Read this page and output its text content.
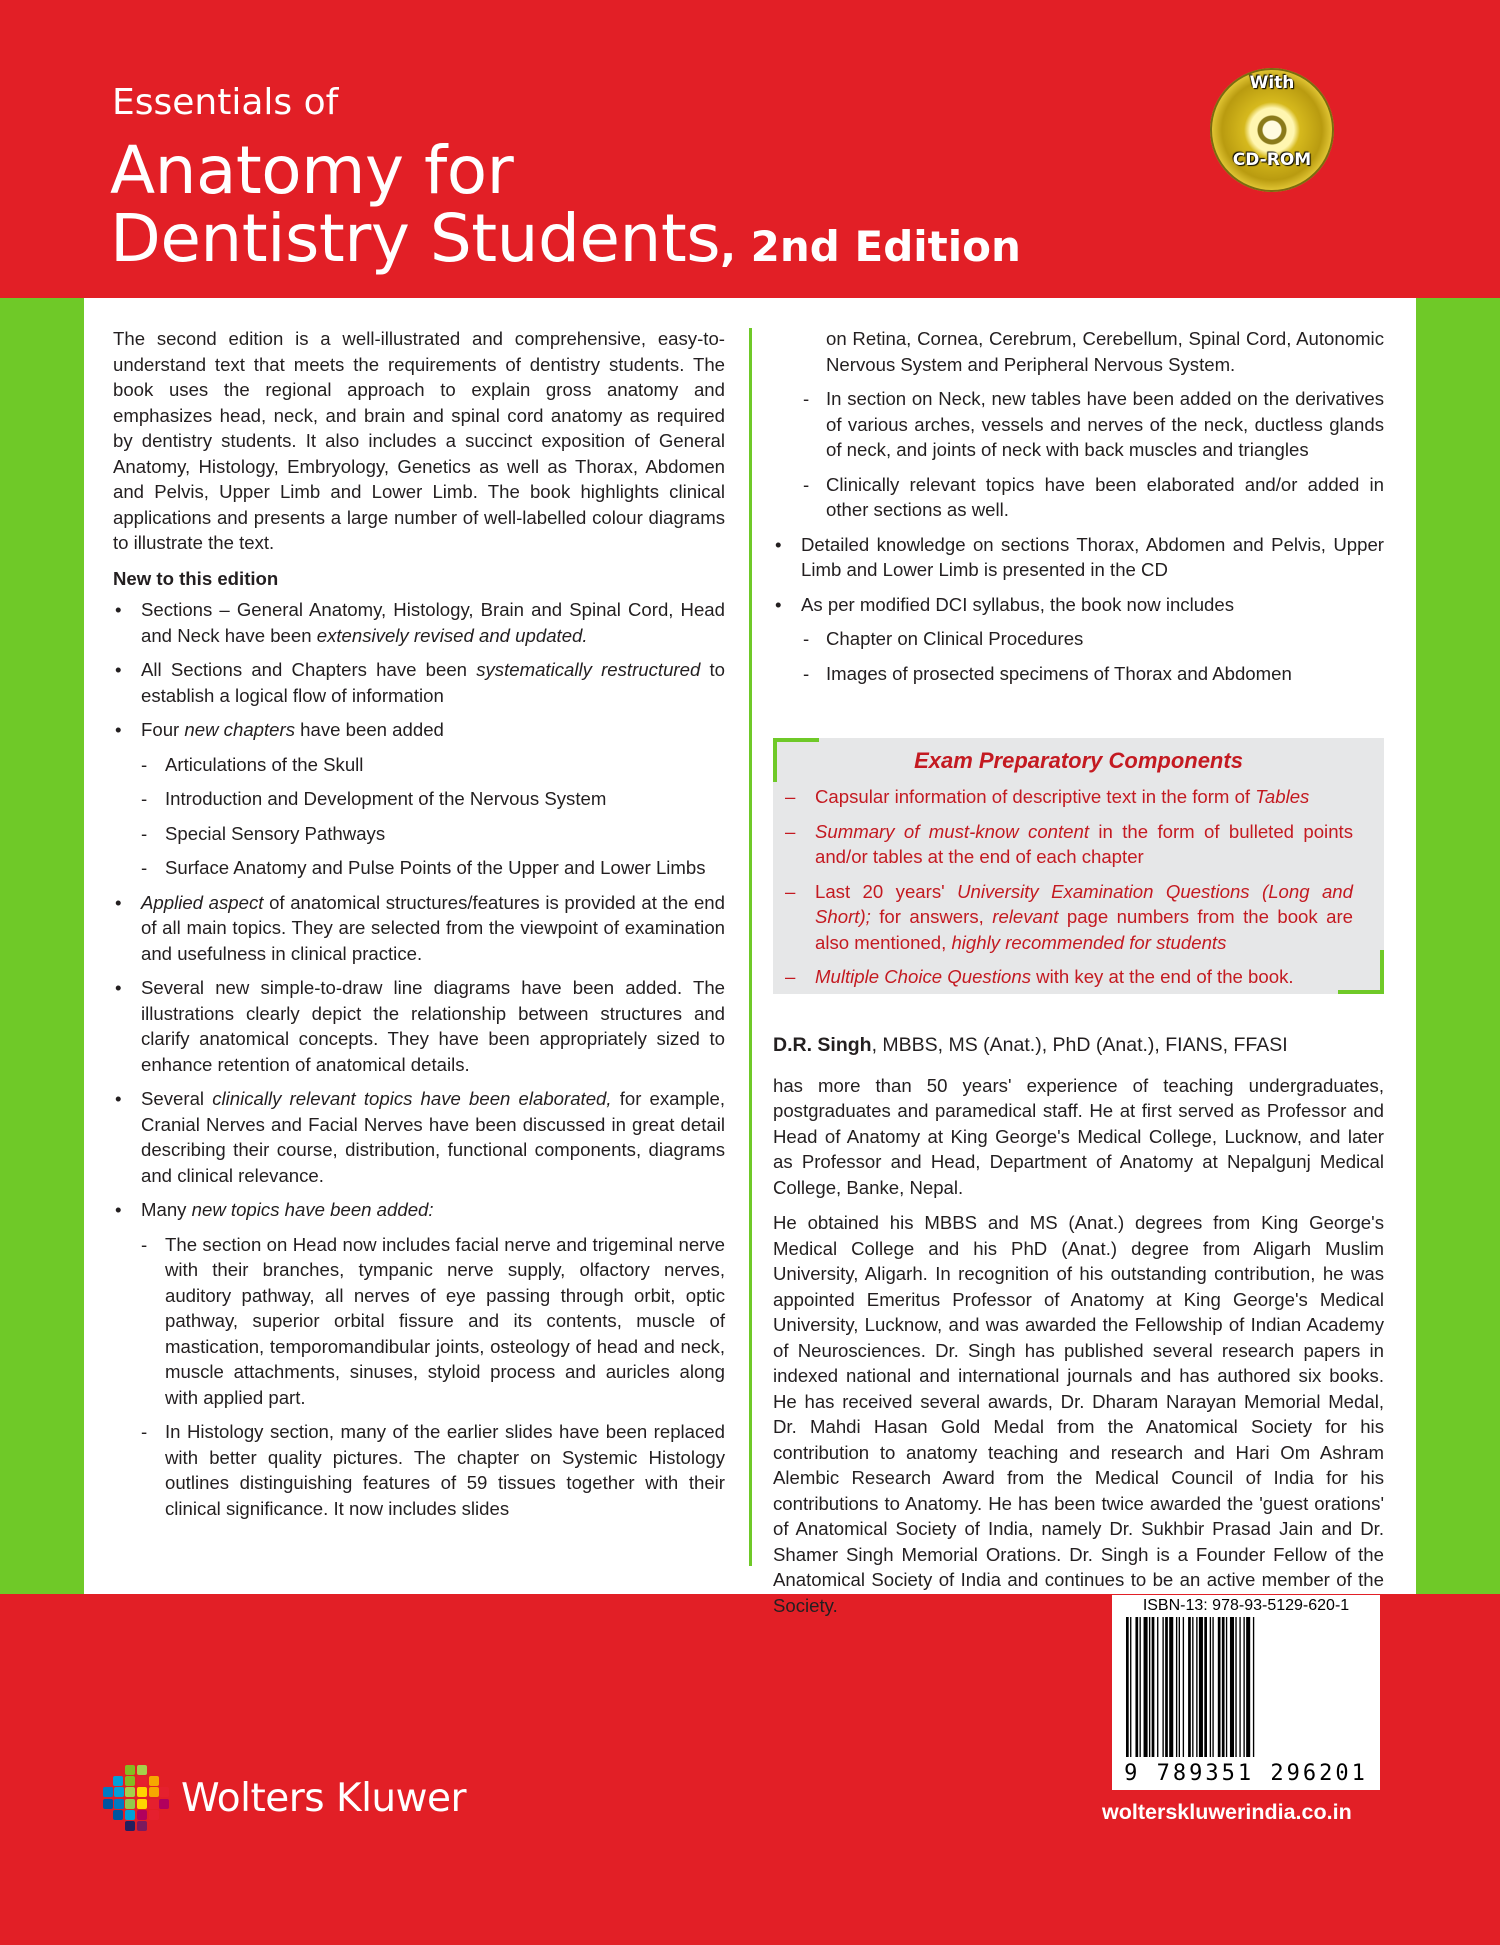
Essentials of
Anatomy for
Dentistry Students, 2nd Edition
With
CD-ROM

The second edition is a well-illustrated and comprehensive, easy-to-understand text that meets the requirements of dentistry students. The book uses the regional approach to explain gross anatomy and emphasizes head, neck, and brain and spinal cord anatomy as required by dentistry students. It also includes a succinct exposition of General Anatomy, Histology, Embryology, Genetics as well as Thorax, Abdomen and Pelvis, Upper Limb and Lower Limb. The book highlights clinical applications and presents a large number of well-labelled colour diagrams to illustrate the text.

New to this edition
• Sections – General Anatomy, Histology, Brain and Spinal Cord, Head and Neck have been extensively revised and updated.
• All Sections and Chapters have been systematically restructured to establish a logical flow of information
• Four new chapters have been added
- Articulations of the Skull
- Introduction and Development of the Nervous System
- Special Sensory Pathways
- Surface Anatomy and Pulse Points of the Upper and Lower Limbs
• Applied aspect of anatomical structures/features is provided at the end of all main topics. They are selected from the viewpoint of examination and usefulness in clinical practice.
• Several new simple-to-draw line diagrams have been added. The illustrations clearly depict the relationship between structures and clarify anatomical concepts. They have been appropriately sized to enhance retention of anatomical details.
• Several clinically relevant topics have been elaborated, for example, Cranial Nerves and Facial Nerves have been discussed in great detail describing their course, distribution, functional components, diagrams and clinical relevance.
• Many new topics have been added:
- The section on Head now includes facial nerve and trigeminal nerve with their branches, tympanic nerve supply, olfactory nerves, auditory pathway, all nerves of eye passing through orbit, optic pathway, superior orbital fissure and its contents, muscle of mastication, temporomandibular joints, osteology of head and neck, muscle attachments, sinuses, styloid process and auricles along with applied part.
- In Histology section, many of the earlier slides have been replaced with better quality pictures. The chapter on Systemic Histology outlines distinguishing features of 59 tissues together with their clinical significance. It now includes slides
on Retina, Cornea, Cerebrum, Cerebellum, Spinal Cord, Autonomic Nervous System and Peripheral Nervous System.
- In section on Neck, new tables have been added on the derivatives of various arches, vessels and nerves of the neck, ductless glands of neck, and joints of neck with back muscles and triangles
- Clinically relevant topics have been elaborated and/or added in other sections as well.
• Detailed knowledge on sections Thorax, Abdomen and Pelvis, Upper Limb and Lower Limb is presented in the CD
• As per modified DCI syllabus, the book now includes
- Chapter on Clinical Procedures
- Images of prosected specimens of Thorax and Abdomen
Exam Preparatory Components
– Capsular information of descriptive text in the form of Tables
– Summary of must-know content in the form of bulleted points and/or tables at the end of each chapter
– Last 20 years' University Examination Questions (Long and Short); for answers, relevant page numbers from the book are also mentioned, highly recommended for students
– Multiple Choice Questions with key at the end of the book.
D.R. Singh, MBBS, MS (Anat.), PhD (Anat.), FIANS, FFASI

has more than 50 years' experience of teaching undergraduates, postgraduates and paramedical staff. He at first served as Professor and Head of Anatomy at King George's Medical College, Lucknow, and later as Professor and Head, Department of Anatomy at Nepalgunj Medical College, Banke, Nepal.

He obtained his MBBS and MS (Anat.) degrees from King George's Medical College and his PhD (Anat.) degree from Aligarh Muslim University, Aligarh. In recognition of his outstanding contribution, he was appointed Emeritus Professor of Anatomy at King George's Medical University, Lucknow, and was awarded the Fellowship of Indian Academy of Neurosciences. Dr. Singh has published several research papers in indexed national and international journals and has authored six books. He has received several awards, Dr. Dharam Narayan Memorial Medal, Dr. Mahdi Hasan Gold Medal from the Anatomical Society for his contribution to anatomy teaching and research and Hari Om Ashram Alembic Research Award from the Medical Council of India for his contributions to Anatomy. He has been twice awarded the 'guest orations' of Anatomical Society of India, namely Dr. Sukhbir Prasad Jain and Dr. Shamer Singh Memorial Orations. Dr. Singh is a Founder Fellow of the Anatomical Society of India and continues to be an active member of the Society.	ISBN-13: 978-93-5129-620-1
9 789351 296201
wolterskluwerindia.co.in
Wolters Kluwer
